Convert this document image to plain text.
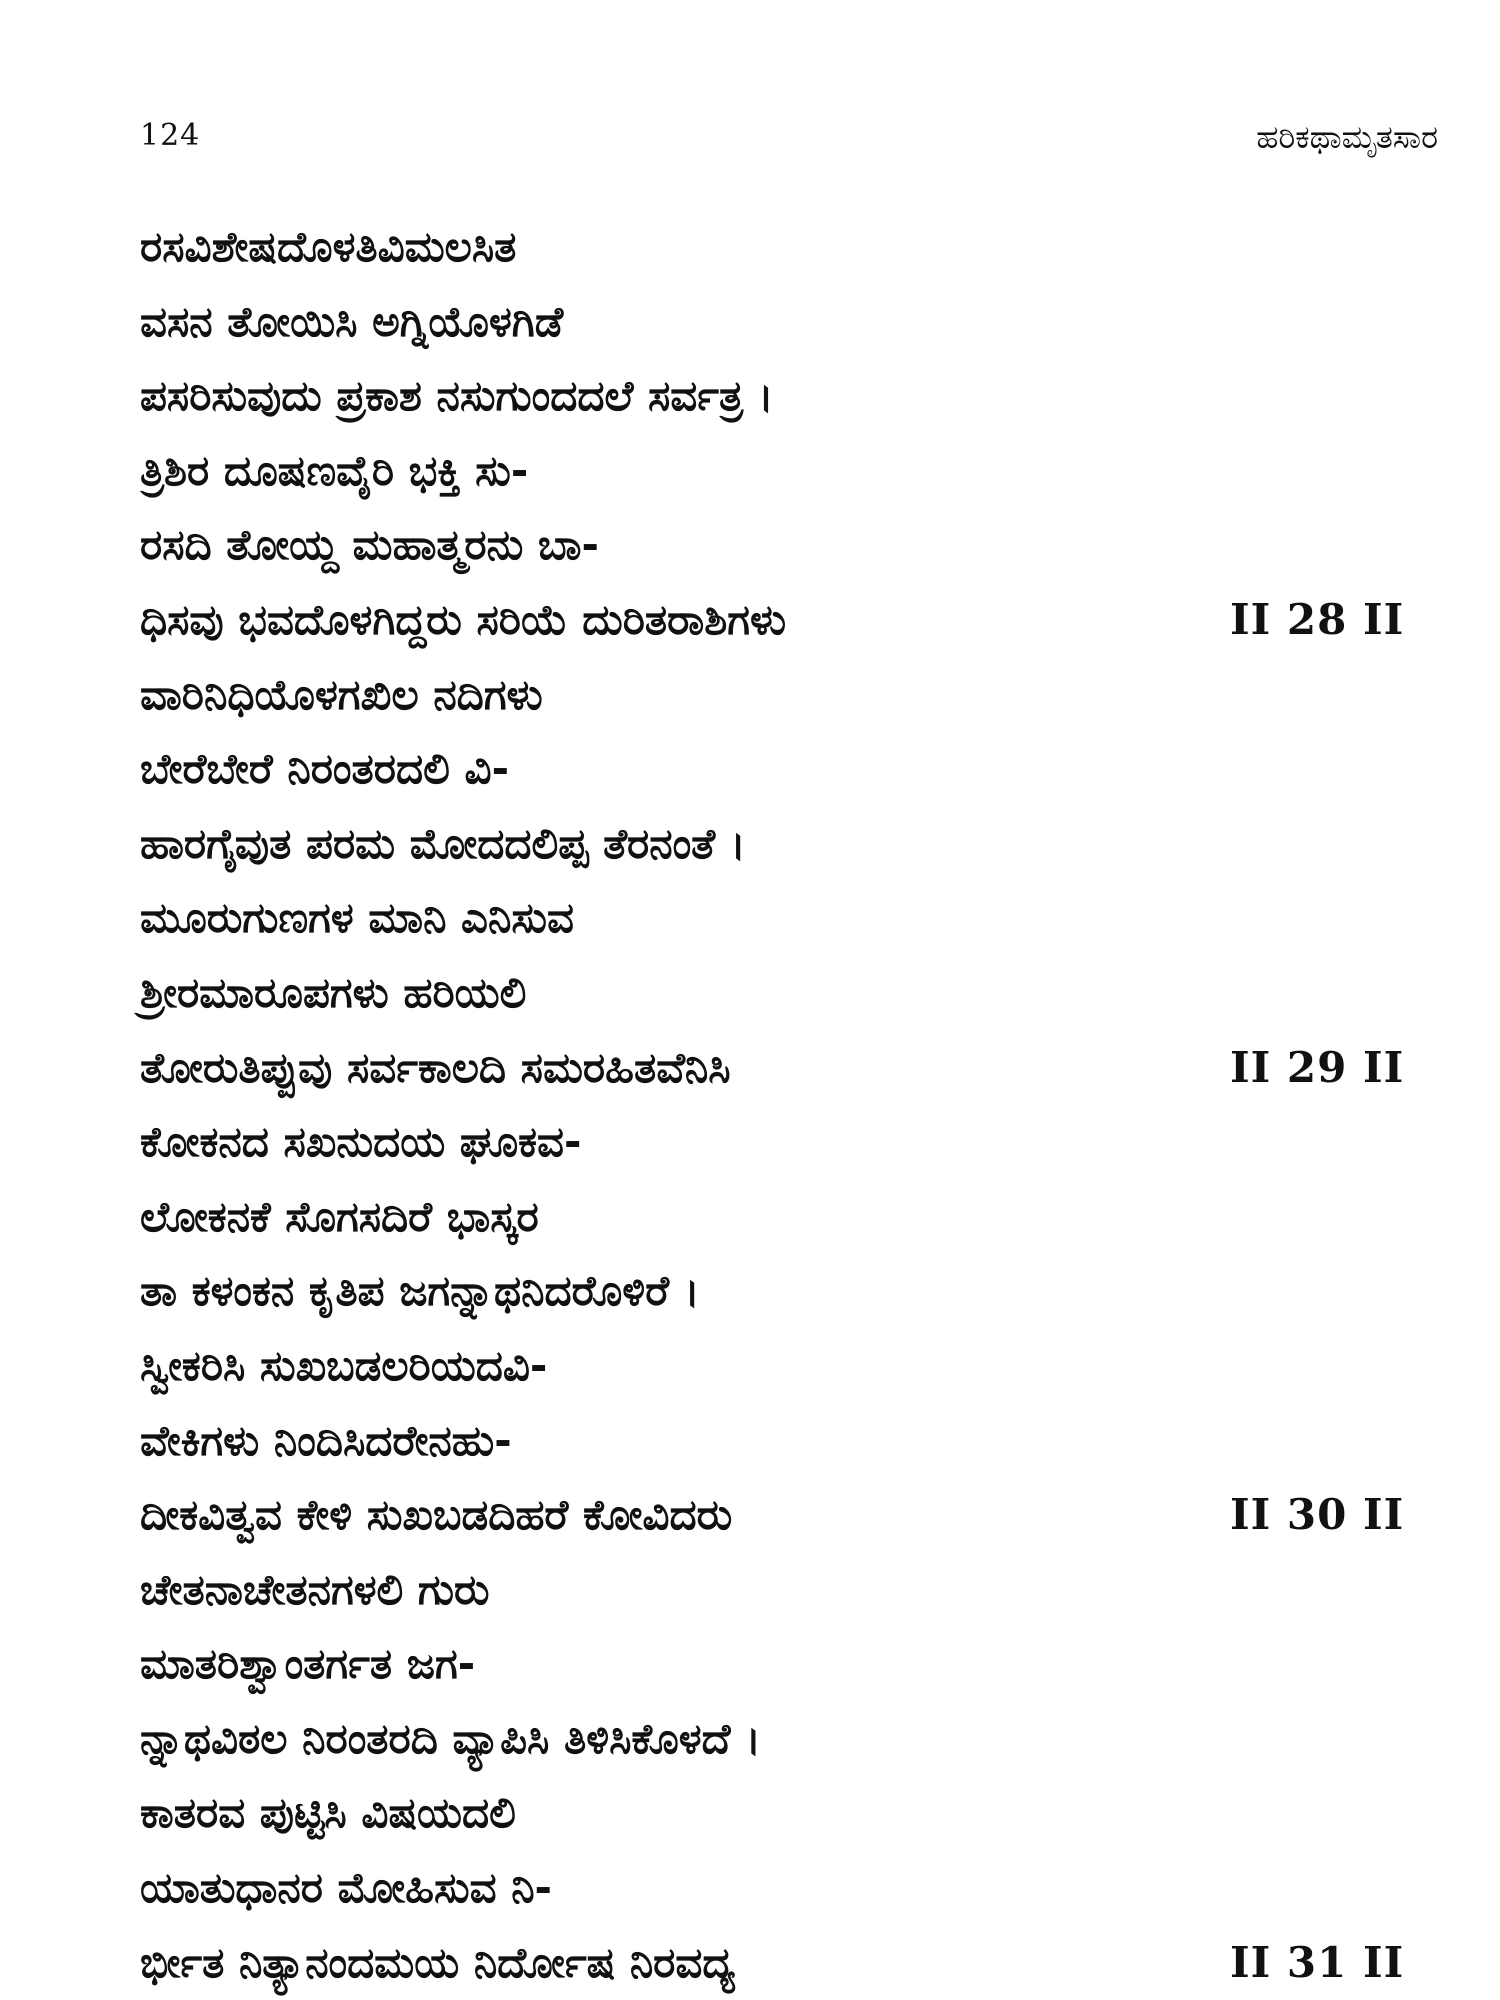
124	ಹರಿಕಥಾಮೃತಸಾರ
ರಸವಿಶೇಷದೊಳತಿವಿಮಲಸಿತ
ವಸನ ತೋಯಿಸಿ ಅಗ್ನಿಯೊಳಗಿಡೆ
ಪಸರಿಸುವುದು ಪ್ರಕಾಶ ನಸುಗುಂದದಲೆ ಸರ್ವತ್ರ ।
ತ್ರಿಶಿರ ದೂಷಣವೈರಿ ಭಕ್ತಿ ಸು-
ರಸದಿ ತೋಯ್ದ ಮಹಾತ್ಮರನು ಬಾ-
ಧಿಸವು ಭವದೊಳಗಿದ್ದರು ಸರಿಯೆ ದುರಿತರಾಶಿಗಳು	II 28 II
ವಾರಿನಿಧಿಯೊಳಗಖಿಲ ನದಿಗಳು
ಬೇರೆಬೇರೆ ನಿರಂತರದಲಿ ವಿ-
ಹಾರಗೈವುತ ಪರಮ ಮೋದದಲಿಪ್ಪ ತೆರನಂತೆ ।
ಮೂರುಗುಣಗಳ ಮಾನಿ ಎನಿಸುವ
ಶ್ರೀರಮಾರೂಪಗಳು ಹರಿಯಲಿ
ತೋರುತಿಪ್ಪುವು ಸರ್ವಕಾಲದಿ ಸಮರಹಿತವೆನಿಸಿ	II 29 II
ಕೋಕನದ ಸಖನುದಯ ಘೂಕವ-
ಲೋಕನಕೆ ಸೊಗಸದಿರೆ ಭಾಸ್ಕರ
ತಾ ಕಳಂಕನ ಕೃತಿಪ ಜಗನ್ನಾಥನಿದರೊಳಿರೆ ।
ಸ್ವೀಕರಿಸಿ ಸುಖಬಡಲರಿಯದವಿ-
ವೇಕಿಗಳು ನಿಂದಿಸಿದರೇನಹು-
ದೀಕವಿತ್ವವ ಕೇಳಿ ಸುಖಬಡದಿಹರೆ ಕೋವಿದರು	II 30 II
ಚೇತನಾಚೇತನಗಳಲಿ ಗುರು
ಮಾತರಿಶ್ವಾಂತರ್ಗತ ಜಗ-
ನ್ನಾಥವಿಠಲ ನಿರಂತರದಿ ವ್ಯಾಪಿಸಿ ತಿಳಿಸಿಕೊಳದೆ ।
ಕಾತರವ ಪುಟ್ಟಿಸಿ ವಿಷಯದಲಿ
ಯಾತುಧಾನರ ಮೋಹಿಸುವ ನಿ-
ರ್ಭೀತ ನಿತ್ಯಾನಂದಮಯ ನಿರ್ದೋಷ ನಿರವದ್ಯ	II 31 II
